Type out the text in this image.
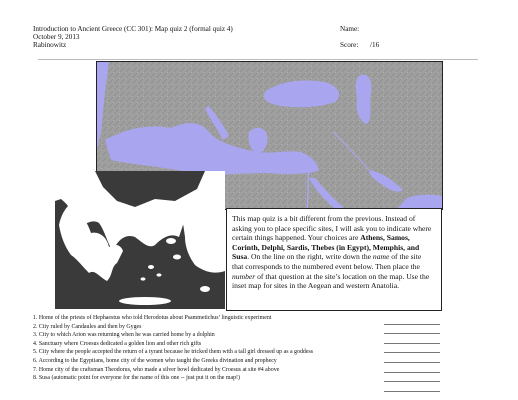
Introduction to Ancient Greece (CC 301): Map quiz 2 (formal quiz 4)
October 9, 2013
Rabinowitz
Name:
Score: /16
This map quiz is a bit different from the previous. Instead of asking you to place specific sites, I will ask you to indicate where certain things happened. Your choices are Athens, Samos, Corinth, Delphi, Sardis, Thebes (in Egypt), Memphis, and Susa. On the line on the right, write down the name of the site that corresponds to the numbered event below. Then place the number of that question at the site’s location on the map. Use the inset map for sites in the Aegean and western Anatolia.
1. Home of the priests of Hephaestus who told Herodotus about Psammetichus’ linguistic experiment
2. City ruled by Candaules and then by Gyges
3. City to which Arion was returning when he was carried home by a dolphin
4. Sanctuary where Croesus dedicated a golden lion and other rich gifts
5. City where the people accepted the return of a tyrant because he tricked them with a tall girl dressed up as a goddess
6. According to the Egyptians, home city of the women who taught the Greeks divination and prophecy
7. Home city of the craftsman Theodorus, who made a silver bowl dedicated by Croesus at site #4 above
8. Susa (automatic point for everyone for the name of this one -- just put it on the map!)
